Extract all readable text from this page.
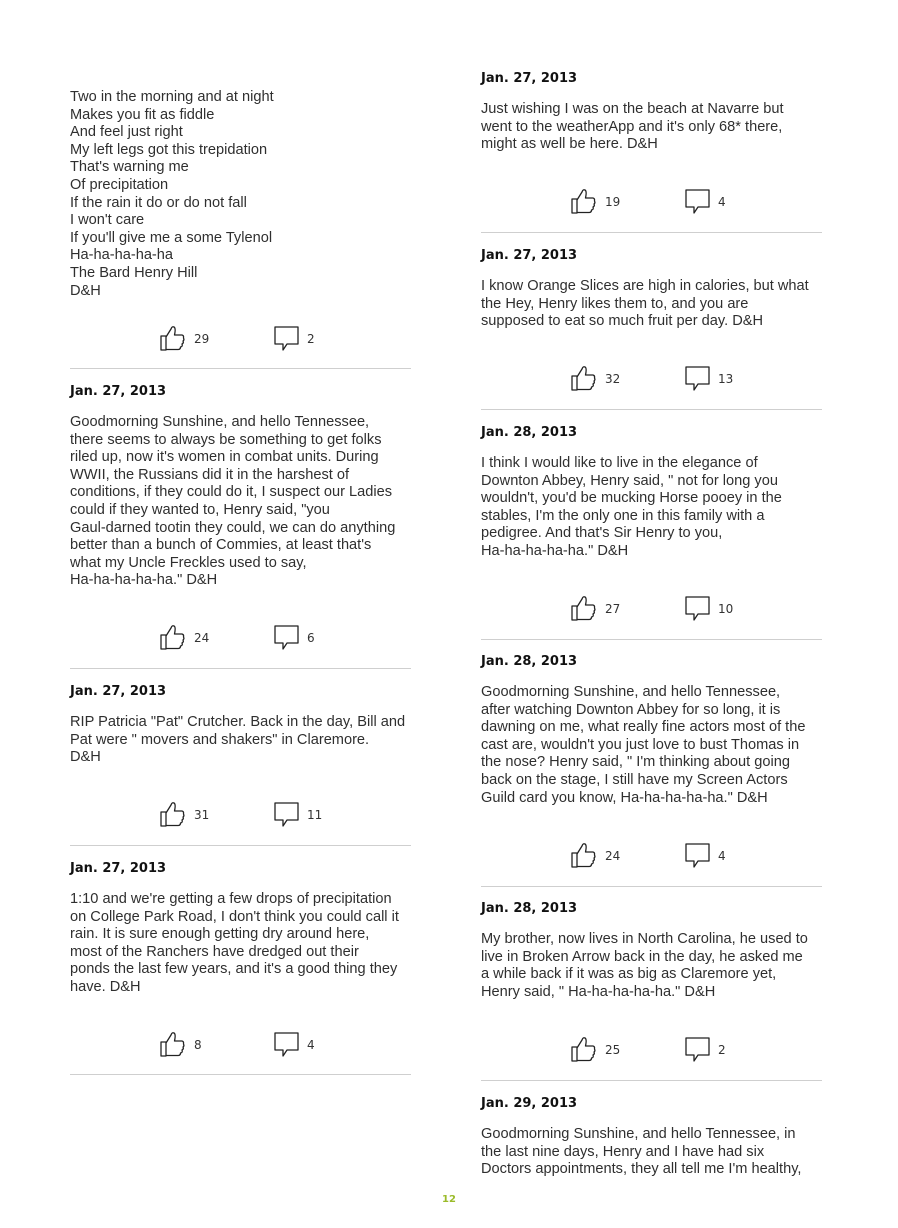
Two in the morning and at night
Makes you fit as fiddle
And feel just right
My left legs got this trepidation
That's warning me
Of precipitation
If the rain it do or do not fall
I won't care
If you'll give me a some Tylenol
Ha-ha-ha-ha-ha
The Bard Henry Hill
D&H

29	2
Jan. 27, 2013

Goodmorning Sunshine, and hello Tennessee,
there seems to always be something to get folks
riled up, now it's women in combat units. During
WWII, the Russians did it in the harshest of
conditions, if they could do it, I suspect our Ladies
could if they wanted to, Henry said, "you
Gaul-darned tootin they could, we can do anything
better than a bunch of Commies, at least that's
what my Uncle Freckles used to say,
Ha-ha-ha-ha-ha." D&H

24	6
Jan. 27, 2013

RIP Patricia "Pat" Crutcher. Back in the day, Bill and
Pat were " movers and shakers" in Claremore.
D&H

31	11
Jan. 27, 2013

1:10 and we're getting a few drops of precipitation
on College Park Road, I don't think you could call it
rain. It is sure enough getting dry around here,
most of the Ranchers have dredged out their
ponds the last few years, and it's a good thing they
have. D&H

8	4
Jan. 27, 2013

Just wishing I was on the beach at Navarre but
went to the weatherApp and it's only 68* there,
might as well be here. D&H

19	4
Jan. 27, 2013

I know Orange Slices are high in calories, but what
the Hey, Henry likes them to, and you are
supposed to eat so much fruit per day. D&H

32	13
Jan. 28, 2013

I think I would like to live in the elegance of
Downton Abbey, Henry said, " not for long you
wouldn't, you'd be mucking Horse pooey in the
stables, I'm the only one in this family with a
pedigree. And that's Sir Henry to you,
Ha-ha-ha-ha-ha." D&H

27	10
Jan. 28, 2013

Goodmorning Sunshine, and hello Tennessee,
after watching Downton Abbey for so long, it is
dawning on me, what really fine actors most of the
cast are, wouldn't you just love to bust Thomas in
the nose? Henry said, " I'm thinking about going
back on the stage, I still have my Screen Actors
Guild card you know, Ha-ha-ha-ha-ha." D&H

24	4
Jan. 28, 2013

My brother, now lives in North Carolina, he used to
live in Broken Arrow back in the day, he asked me
a while back if it was as big as Claremore yet,
Henry said, " Ha-ha-ha-ha-ha." D&H

25	2
Jan. 29, 2013

Goodmorning Sunshine, and hello Tennessee, in
the last nine days, Henry and I have had six
Doctors appointments, they all tell me I'm healthy,

12
